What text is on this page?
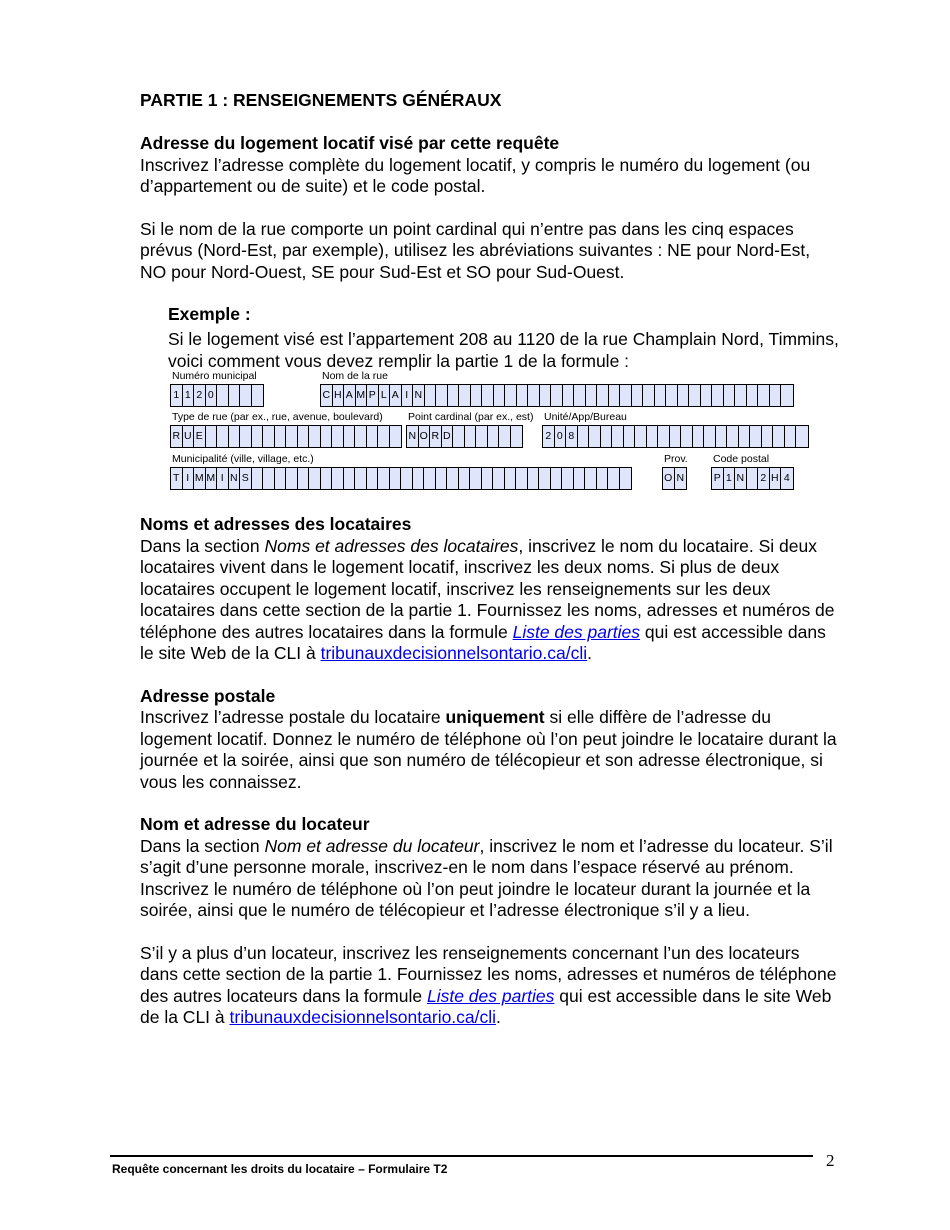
PARTIE 1 : RENSEIGNEMENTS GÉNÉRAUX
Adresse du logement locatif visé par cette requête
Inscrivez l’adresse complète du logement locatif, y compris le numéro du logement (ou d’appartement ou de suite) et le code postal.
Si le nom de la rue comporte un point cardinal qui n’entre pas dans les cinq espaces prévus (Nord-Est, par exemple), utilisez les abréviations suivantes : NE pour Nord-Est, NO pour Nord-Ouest, SE pour Sud-Est et SO pour Sud-Ouest.
Exemple :
Si le logement visé est l’appartement 208 au 1120 de la rue Champlain Nord, Timmins, voici comment vous devez remplir la partie 1 de la formule :
Numéro municipal
1 1 2 0
Nom de la rue
C H A M P L A I N
Type de rue (par ex., rue, avenue, boulevard)
R U E
Point cardinal (par ex., est)
N O R D
Unité/App/Bureau
2 0 8
Municipalité (ville, village, etc.)
T I M M I N S
Prov.
O N
Code postal
P 1 N 2 H 4
Noms et adresses des locataires
Dans la section Noms et adresses des locataires, inscrivez le nom du locataire. Si deux locataires vivent dans le logement locatif, inscrivez les deux noms. Si plus de deux locataires occupent le logement locatif, inscrivez les renseignements sur les deux locataires dans cette section de la partie 1. Fournissez les noms, adresses et numéros de téléphone des autres locataires dans la formule Liste des parties qui est accessible dans le site Web de la CLI à tribunauxdecisionnelsontario.ca/cli.
Adresse postale
Inscrivez l’adresse postale du locataire uniquement si elle diffère de l’adresse du logement locatif. Donnez le numéro de téléphone où l’on peut joindre le locataire durant la journée et la soirée, ainsi que son numéro de télécopieur et son adresse électronique, si vous les connaissez.
Nom et adresse du locateur
Dans la section Nom et adresse du locateur, inscrivez le nom et l’adresse du locateur. S’il s’agit d’une personne morale, inscrivez-en le nom dans l’espace réservé au prénom. Inscrivez le numéro de téléphone où l’on peut joindre le locateur durant la journée et la soirée, ainsi que le numéro de télécopieur et l’adresse électronique s’il y a lieu.
S’il y a plus d’un locateur, inscrivez les renseignements concernant l’un des locateurs dans cette section de la partie 1. Fournissez les noms, adresses et numéros de téléphone des autres locateurs dans la formule Liste des parties qui est accessible dans le site Web de la CLI à tribunauxdecisionnelsontario.ca/cli.
Requête concernant les droits du locataire – Formulaire T2	2
